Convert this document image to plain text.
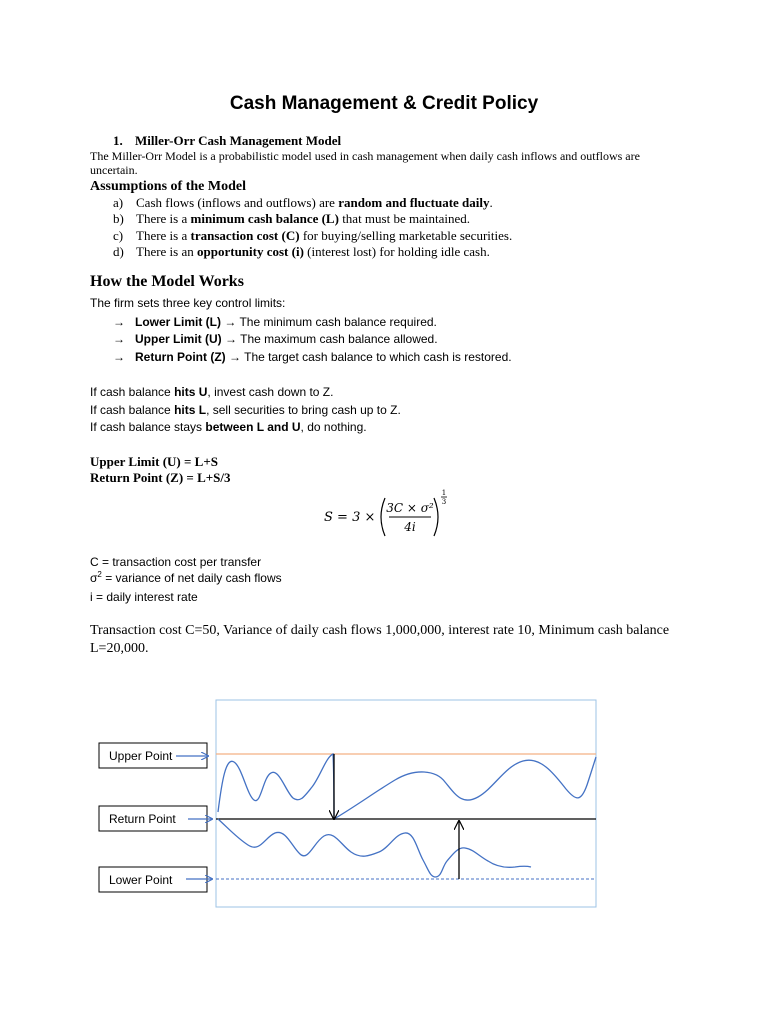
Cash Management & Credit Policy
1. Miller-Orr Cash Management Model
The Miller-Orr Model is a probabilistic model used in cash management when daily cash inflows and outflows are uncertain.
Assumptions of the Model
a) Cash flows (inflows and outflows) are random and fluctuate daily.
b) There is a minimum cash balance (L) that must be maintained.
c) There is a transaction cost (C) for buying/selling marketable securities.
d) There is an opportunity cost (i) (interest lost) for holding idle cash.
How the Model Works
The firm sets three key control limits:
→ Lower Limit (L) → The minimum cash balance required.
→ Upper Limit (U) → The maximum cash balance allowed.
→ Return Point (Z) → The target cash balance to which cash is restored.
If cash balance hits U, invest cash down to Z.
If cash balance hits L, sell securities to bring cash up to Z.
If cash balance stays between L and U, do nothing.
Upper Limit (U) = L+S
Return Point (Z) = L+S/3
S = 3 ×
3C × σ²
4i
1
3
C = transaction cost per transfer
$\sigma^2$ = variance of net daily cash flows
i = daily interest rate
Transaction cost C=50, Variance of daily cash flows 1,000,000, interest rate 10, Minimum cash balance L=20,000.
Upper Point
Return Point
Lower Point
